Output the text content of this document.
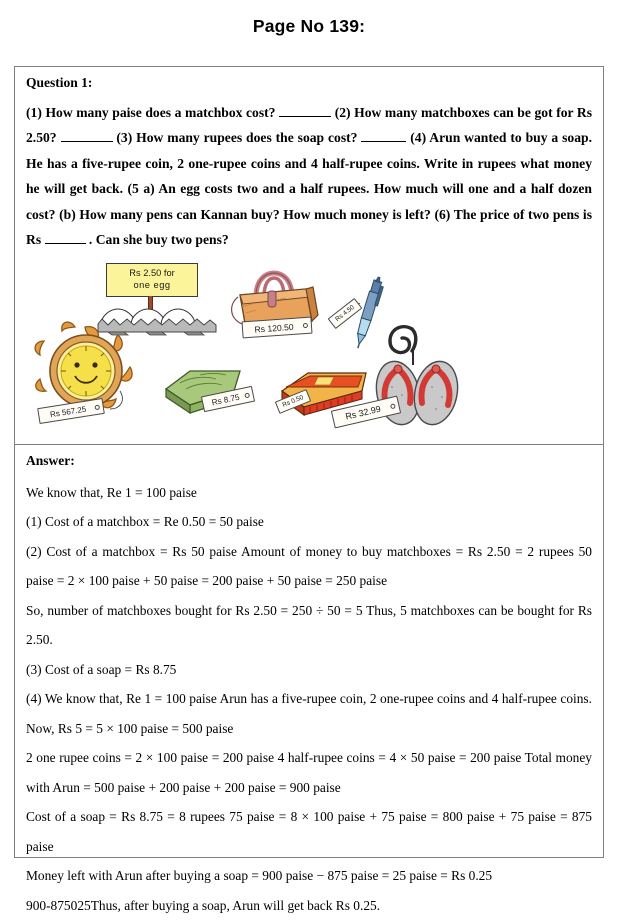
Page No 139:
Question 1:

(1) How many paise does a matchbox cost?	(2) How many matchboxes can be got for Rs 2.50?	(3) How many rupees does the soap cost?	(4) Arun wanted to buy a soap. He has a five-rupee coin, 2 one-rupee coins and 4 half-rupee coins. Write in rupees what money he will get back. (5 a) An egg costs two and a half rupees. How much will one and a half dozen cost? (b) How many pens can Kannan buy? How much money is left? (6) The price of two pens is Rs	. Can she buy two pens?

Rs 2.50 for
one egg
Rs 120.50
Rs 4.50
Rs 567.25
Rs 8.75	Rs 0.50
Rs 32.99
Answer:

We know that, Re 1 = 100 paise

(1) Cost of a matchbox = Re 0.50 = 50 paise

(2) Cost of a matchbox = Rs 50 paise Amount of money to buy matchboxes = Rs 2.50 = 2 rupees 50 paise = 2 × 100 paise + 50 paise = 200 paise + 50 paise = 250 paise

So, number of matchboxes bought for Rs 2.50 = 250 ÷ 50 = 5 Thus, 5 matchboxes can be bought for Rs 2.50.

(3) Cost of a soap = Rs 8.75

(4) We know that, Re 1 = 100 paise Arun has a five-rupee coin, 2 one-rupee coins and 4 half-rupee coins. Now, Rs 5 = 5 × 100 paise = 500 paise

2 one rupee coins = 2 × 100 paise = 200 paise 4 half-rupee coins = 4 × 50 paise = 200 paise Total money with Arun = 500 paise + 200 paise + 200 paise = 900 paise

Cost of a soap = Rs 8.75 = 8 rupees 75 paise = 8 × 100 paise + 75 paise = 800 paise + 75 paise = 875 paise

Money left with Arun after buying a soap = 900 paise − 875 paise = 25 paise = Rs 0.25

900-875025Thus, after buying a soap, Arun will get back Rs 0.25.
